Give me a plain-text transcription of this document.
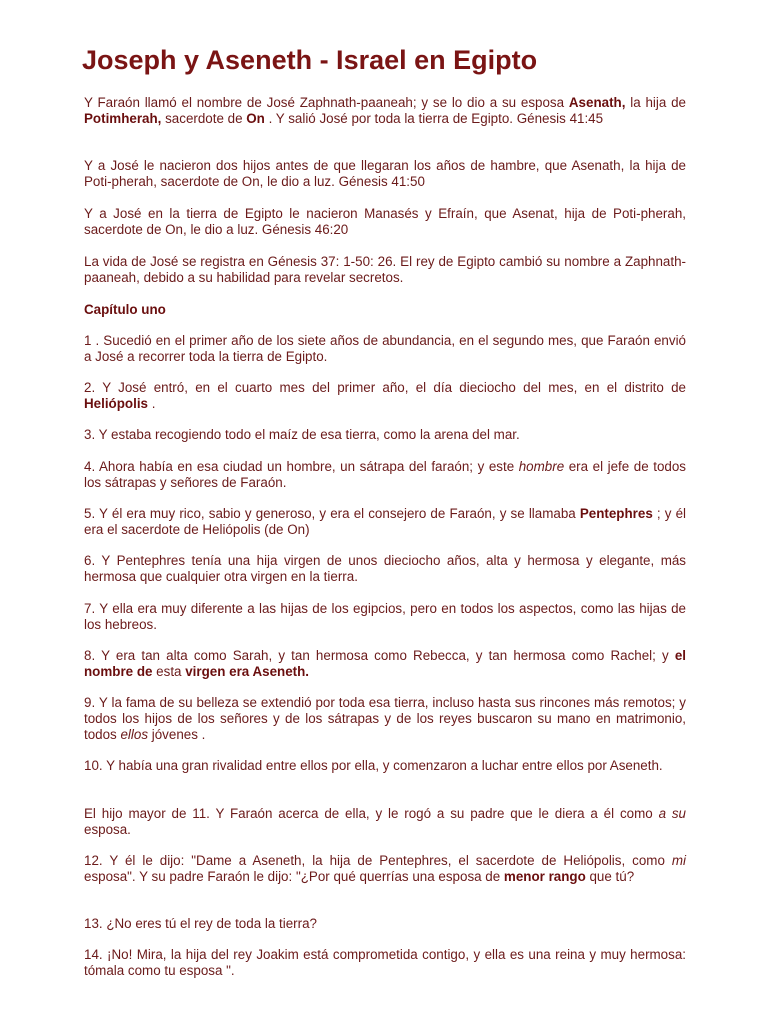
Joseph y Aseneth - Israel en Egipto

Y Faraón llamó el nombre de José Zaphnath-paaneah; y se lo dio a su esposa Asenath, la hija de Potimherah, sacerdote de On . Y salió José por toda la tierra de Egipto. Génesis 41:45

Y a José le nacieron dos hijos antes de que llegaran los años de hambre, que Asenath, la hija de Poti-pherah, sacerdote de On, le dio a luz. Génesis 41:50

Y a José en la tierra de Egipto le nacieron Manasés y Efraín, que Asenat, hija de Poti-pherah, sacerdote de On, le dio a luz. Génesis 46:20

La vida de José se registra en Génesis 37: 1-50: 26. El rey de Egipto cambió su nombre a Zaphnath-paaneah, debido a su habilidad para revelar secretos.

Capítulo uno

1 . Sucedió en el primer año de los siete años de abundancia, en el segundo mes, que Faraón envió a José a recorrer toda la tierra de Egipto.

2. Y José entró, en el cuarto mes del primer año, el día dieciocho del mes, en el distrito de Heliópolis .

3. Y estaba recogiendo todo el maíz de esa tierra, como la arena del mar.

4. Ahora había en esa ciudad un hombre, un sátrapa del faraón; y este hombre era el jefe de todos los sátrapas y señores de Faraón.

5. Y él era muy rico, sabio y generoso, y era el consejero de Faraón, y se llamaba Pentephres ; y él era el sacerdote de Heliópolis (de On)

6. Y Pentephres tenía una hija virgen de unos dieciocho años, alta y hermosa y elegante, más hermosa que cualquier otra virgen en la tierra.

7. Y ella era muy diferente a las hijas de los egipcios, pero en todos los aspectos, como las hijas de los hebreos.

8. Y era tan alta como Sarah, y tan hermosa como Rebecca, y tan hermosa como Rachel; y el nombre de esta virgen era Aseneth.

9. Y la fama de su belleza se extendió por toda esa tierra, incluso hasta sus rincones más remotos; y todos los hijos de los señores y de los sátrapas y de los reyes buscaron su mano en matrimonio, todos ellos jóvenes .

10. Y había una gran rivalidad entre ellos por ella, y comenzaron a luchar entre ellos por Aseneth.

El hijo mayor de 11. Y Faraón acerca de ella, y le rogó a su padre que le diera a él como a su esposa.

12. Y él le dijo: "Dame a Aseneth, la hija de Pentephres, el sacerdote de Heliópolis, como mi esposa". Y su padre Faraón le dijo: "¿Por qué querrías una esposa de menor rango que tú?

13. ¿No eres tú el rey de toda la tierra?

14. ¡No! Mira, la hija del rey Joakim está comprometida contigo, y ella es una reina y muy hermosa: tómala como tu esposa ".
